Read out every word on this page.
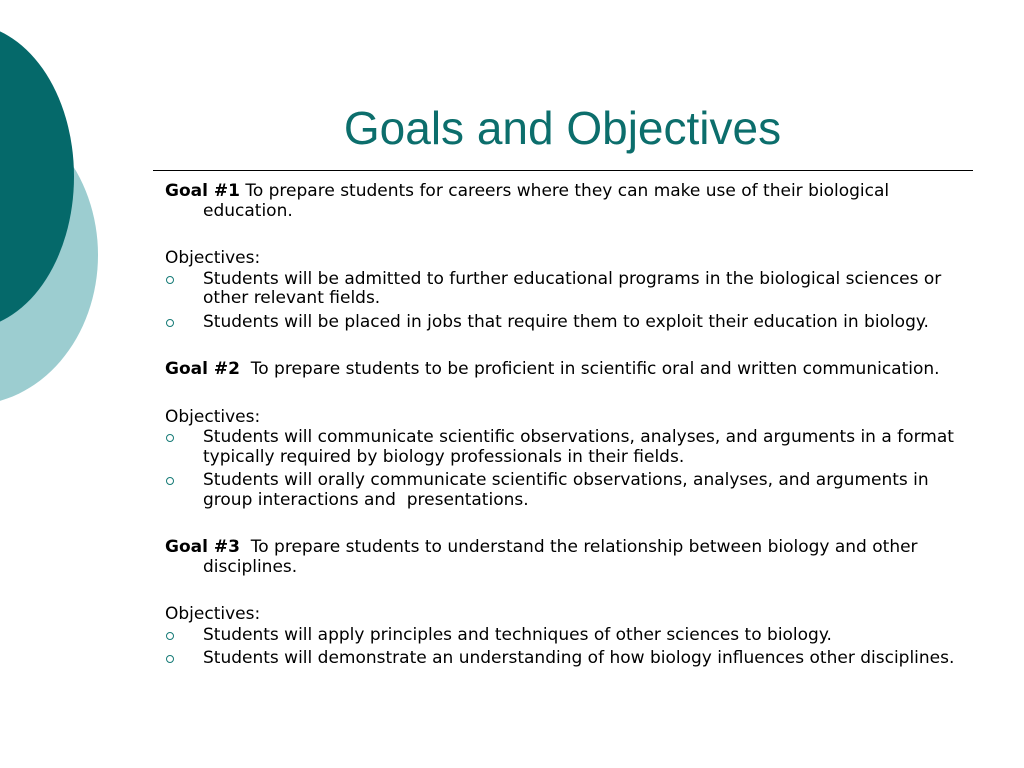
Goals and Objectives
Goal #1 To prepare students for careers where they can make use of their biological education.
Objectives:
Students will be admitted to further educational programs in the biological sciences or other relevant fields.
Students will be placed in jobs that require them to exploit their education in biology.
Goal #2 To prepare students to be proficient in scientific oral and written communication.
Objectives:
Students will communicate scientific observations, analyses, and arguments in a format typically required by biology professionals in their fields.
Students will orally communicate scientific observations, analyses, and arguments in group interactions and  presentations.
Goal #3 To prepare students to understand the relationship between biology and other disciplines.
Objectives:
Students will apply principles and techniques of other sciences to biology.
Students will demonstrate an understanding of how biology influences other disciplines.
